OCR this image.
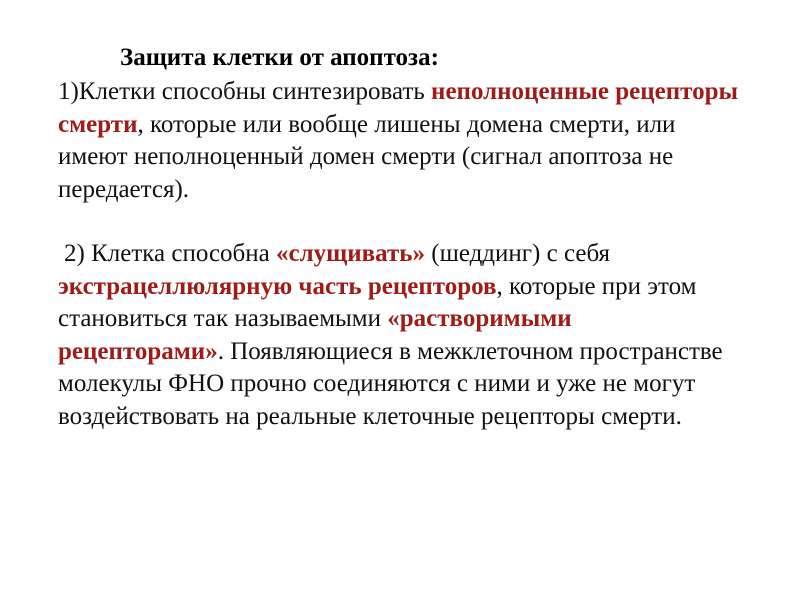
Защита клетки от апоптоза:

1)Клетки способны синтезировать неполноценные рецепторы смерти, которые или вообще лишены домена смерти, или имеют неполноценный домен смерти (сигнал апоптоза не передается).

2) Клетка способна «слущивать» (шеддинг) с себя экстрацеллюлярную часть рецепторов, которые при этом становиться так называемыми «растворимыми рецепторами». Появляющиеся в межклеточном пространстве молекулы ФНО прочно соединяются с ними и уже не могут воздействовать на реальные клеточные рецепторы смерти.
